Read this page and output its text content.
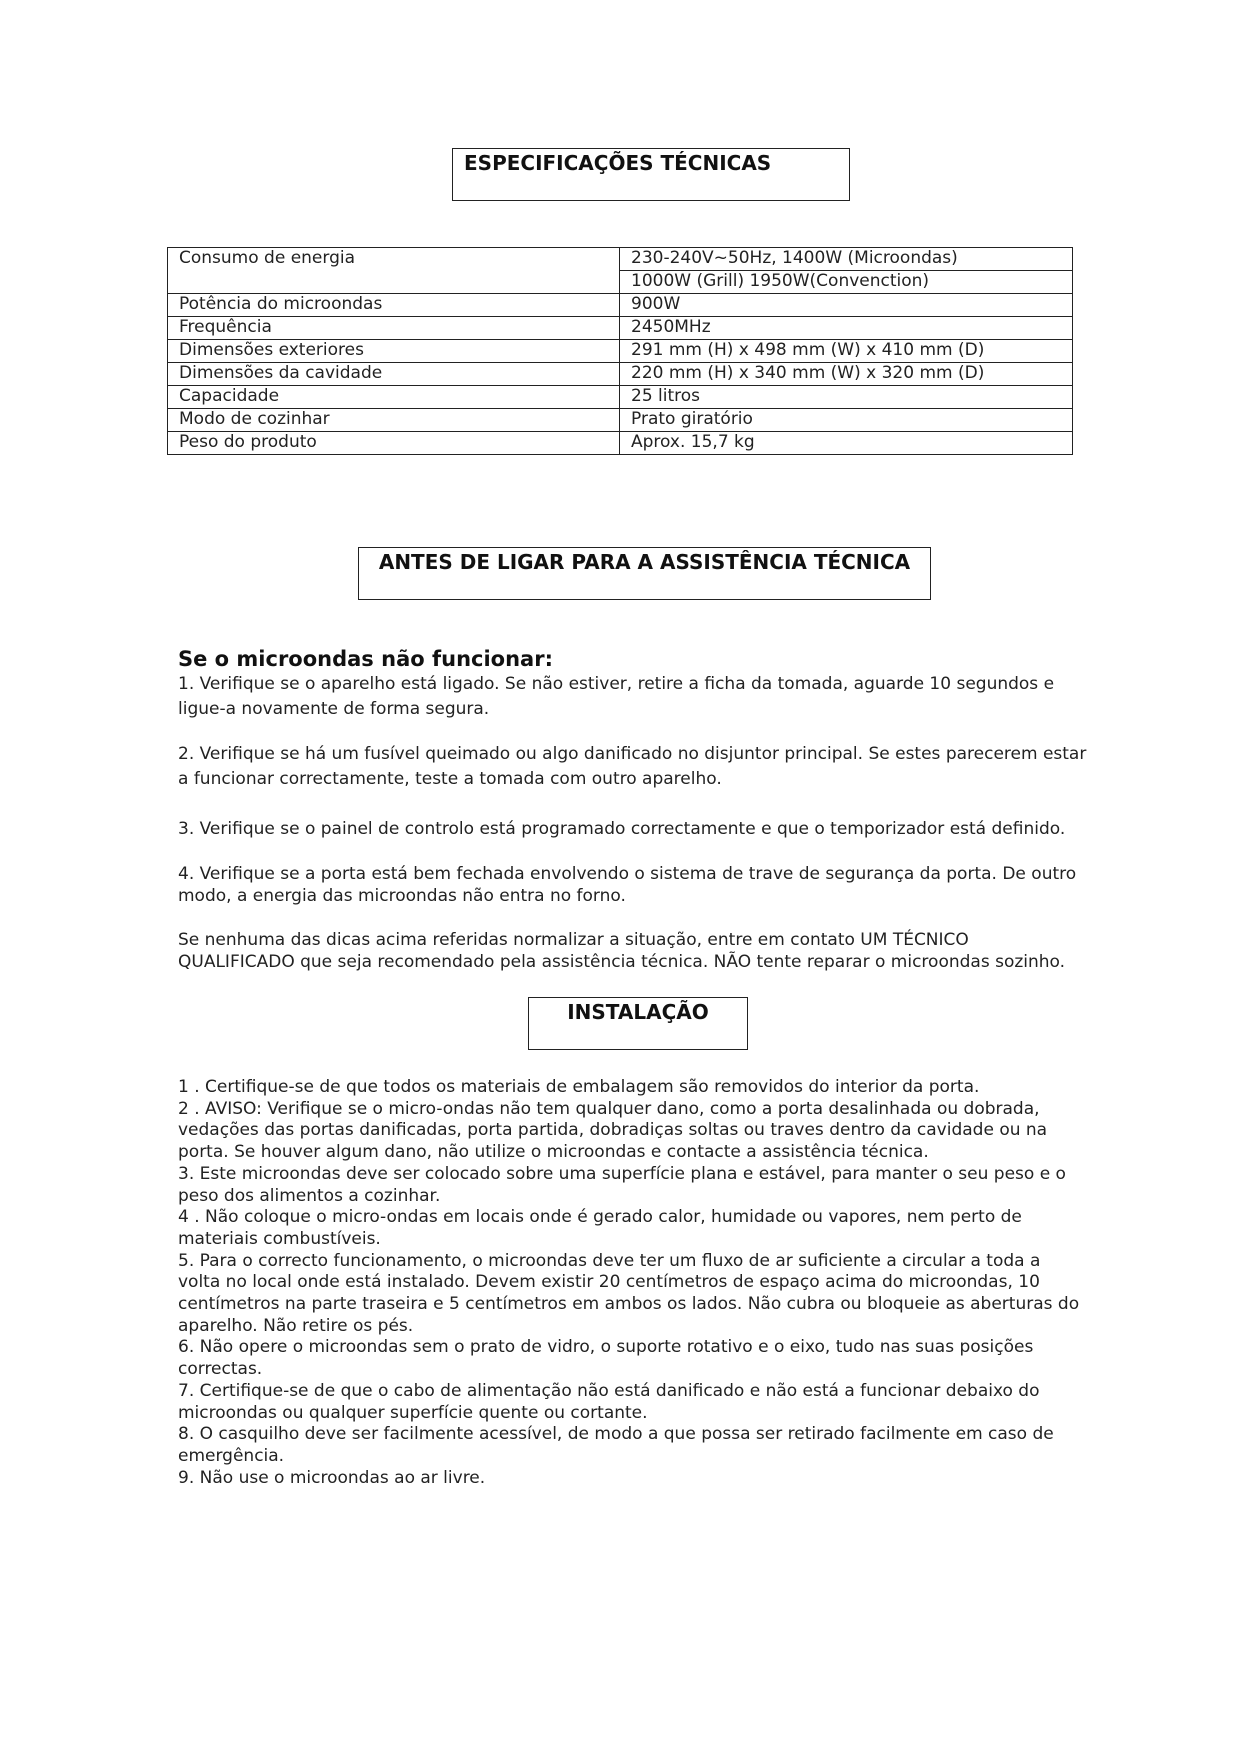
ESPECIFICAÇÕES TÉCNICAS
Consumo de energia	230-240V~50Hz, 1400W (Microondas)
	1000W (Grill) 1950W(Convenction)
Potência do microondas	900W
Frequência	2450MHz
Dimensões exteriores	291 mm (H) x 498 mm (W) x 410 mm (D)
Dimensões da cavidade	220 mm (H) x 340 mm (W) x 320 mm (D)
Capacidade	25 litros
Modo de cozinhar	Prato giratório
Peso do produto	Aprox. 15,7 kg
ANTES DE LIGAR PARA A ASSISTÊNCIA TÉCNICA
Se o microondas não funcionar:
1. Verifique se o aparelho está ligado. Se não estiver, retire a ficha da tomada, aguarde 10 segundos e ligue-a novamente de forma segura.
2. Verifique se há um fusível queimado ou algo danificado no disjuntor principal. Se estes parecerem estar a funcionar correctamente, teste a tomada com outro aparelho.
3. Verifique se o painel de controlo está programado correctamente e que o temporizador está definido.
4. Verifique se a porta está bem fechada envolvendo o sistema de trave de segurança da porta. De outro modo, a energia das microondas não entra no forno.
Se nenhuma das dicas acima referidas normalizar a situação, entre em contato UM TÉCNICO QUALIFICADO que seja recomendado pela assistência técnica. NÃO tente reparar o microondas sozinho.
INSTALAÇÃO
1 . Certifique-se de que todos os materiais de embalagem são removidos do interior da porta.
2 . AVISO: Verifique se o micro-ondas não tem qualquer dano, como a porta desalinhada ou dobrada, vedações das portas danificadas, porta partida, dobradiças soltas ou traves dentro da cavidade ou na porta. Se houver algum dano, não utilize o microondas e contacte a assistência técnica.
3. Este microondas deve ser colocado sobre uma superfície plana e estável, para manter o seu peso e o peso dos alimentos a cozinhar.
4 . Não coloque o micro-ondas em locais onde é gerado calor, humidade ou vapores, nem perto de materiais combustíveis.
5. Para o correcto funcionamento, o microondas deve ter um fluxo de ar suficiente a circular a toda a volta no local onde está instalado. Devem existir 20 centímetros de espaço acima do microondas, 10 centímetros na parte traseira e 5 centímetros em ambos os lados. Não cubra ou bloqueie as aberturas do aparelho. Não retire os pés.
6. Não opere o microondas sem o prato de vidro, o suporte rotativo e o eixo, tudo nas suas posições correctas.
7. Certifique-se de que o cabo de alimentação não está danificado e não está a funcionar debaixo do microondas ou qualquer superfície quente ou cortante.
8. O casquilho deve ser facilmente acessível, de modo a que possa ser retirado facilmente em caso de emergência.
9. Não use o microondas ao ar livre.
